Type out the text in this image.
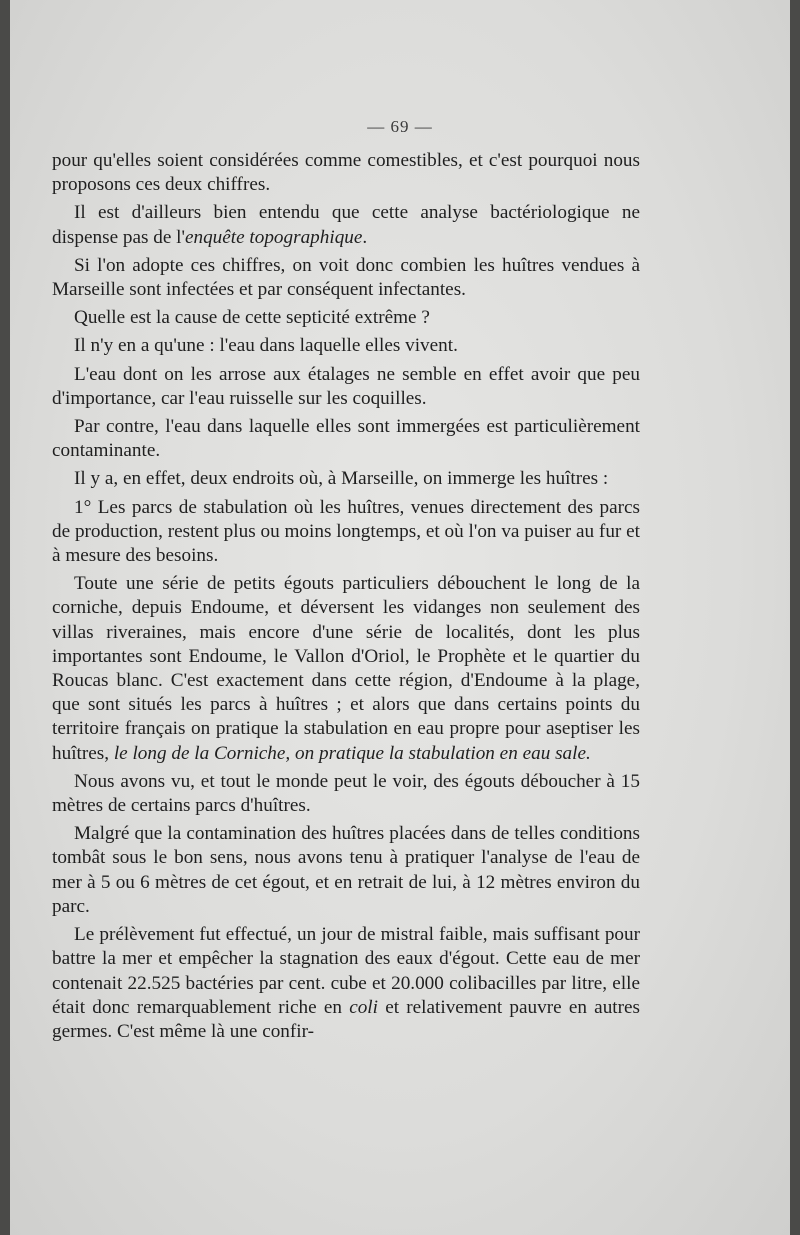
— 69 —

pour qu'elles soient considérées comme comestibles, et c'est pourquoi nous proposons ces deux chiffres.

Il est d'ailleurs bien entendu que cette analyse bactériologique ne dispense pas de l'enquête topographique.

Si l'on adopte ces chiffres, on voit donc combien les huîtres vendues à Marseille sont infectées et par conséquent infectantes.

Quelle est la cause de cette septicité extrême ?

Il n'y en a qu'une : l'eau dans laquelle elles vivent.

L'eau dont on les arrose aux étalages ne semble en effet avoir que peu d'importance, car l'eau ruisselle sur les coquilles.

Par contre, l'eau dans laquelle elles sont immergées est particulièrement contaminante.

Il y a, en effet, deux endroits où, à Marseille, on immerge les huîtres :

1° Les parcs de stabulation où les huîtres, venues directement des parcs de production, restent plus ou moins longtemps, et où l'on va puiser au fur et à mesure des besoins.

Toute une série de petits égouts particuliers débouchent le long de la corniche, depuis Endoume, et déversent les vidanges non seulement des villas riveraines, mais encore d'une série de localités, dont les plus importantes sont Endoume, le Vallon d'Oriol, le Prophète et le quartier du Roucas blanc. C'est exactement dans cette région, d'Endoume à la plage, que sont situés les parcs à huîtres ; et alors que dans certains points du territoire français on pratique la stabulation en eau propre pour aseptiser les huîtres, le long de la Corniche, on pratique la stabulation en eau sale.

Nous avons vu, et tout le monde peut le voir, des égouts déboucher à 15 mètres de certains parcs d'huîtres.

Malgré que la contamination des huîtres placées dans de telles conditions tombât sous le bon sens, nous avons tenu à pratiquer l'analyse de l'eau de mer à 5 ou 6 mètres de cet égout, et en retrait de lui, à 12 mètres environ du parc.

Le prélèvement fut effectué, un jour de mistral faible, mais suffisant pour battre la mer et empêcher la stagnation des eaux d'égout. Cette eau de mer contenait 22.525 bactéries par cent. cube et 20.000 colibacilles par litre, elle était donc remarquablement riche en coli et relativement pauvre en autres germes. C'est même là une confir-
